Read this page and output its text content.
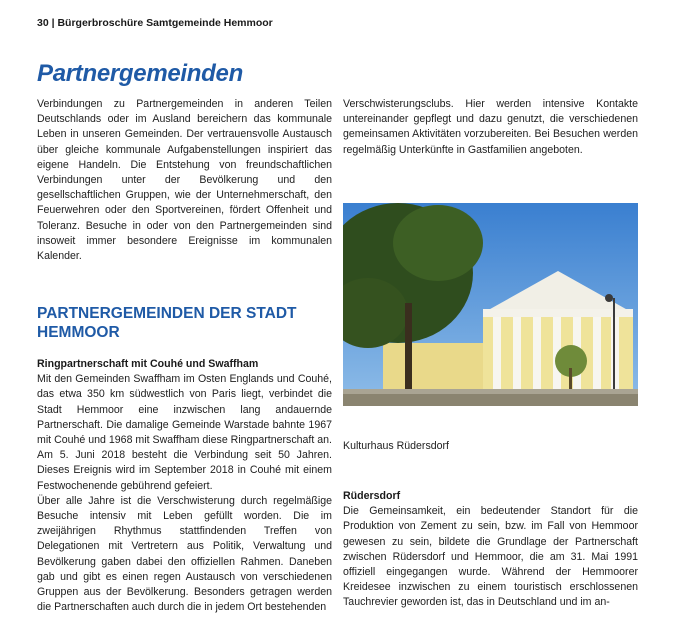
30 | Bürgerbroschüre Samtgemeinde Hemmoor
Partnergemeinden

Verbindungen zu Partnergemeinden in anderen Teilen Deutschlands oder im Ausland bereichern das kommunale Leben in unseren Gemeinden. Der vertrauensvolle Austausch über gleiche kommunale Aufgabenstellungen inspiriert das eigene Handeln. Die Entstehung von freundschaftlichen Verbindungen unter der Bevölkerung und den gesellschaftlichen Gruppen, wie der Unternehmerschaft, den Feuerwehren oder den Sportvereinen, fördert Offenheit und Toleranz. Besuche in oder von den Partnergemeinden sind insoweit immer besondere Ereignisse im kommunalen Kalender.

Verschwisterungsclubs. Hier werden intensive Kontakte untereinander gepflegt und dazu genutzt, die verschiedenen gemeinsamen Aktivitäten vorzubereiten. Bei Besuchen werden regelmäßig Unterkünfte in Gastfamilien angeboten.

PARTNERGEMEINDEN DER STADT HEMMOOR

Ringpartnerschaft mit Couhé und Swaffham

Mit den Gemeinden Swaffham im Osten Englands und Couhé, das etwa 350 km südwestlich von Paris liegt, verbindet die Stadt Hemmoor eine inzwischen lang andauernde Partnerschaft. Die damalige Gemeinde Warstade bahnte 1967 mit Couhé und 1968 mit Swaffham diese Ringpartnerschaft an. Am 5. Juni 2018 besteht die Verbindung seit 50 Jahren. Dieses Ereignis wird im September 2018 in Couhé mit einem Festwochenende gebührend gefeiert.

Über alle Jahre ist die Verschwisterung durch regelmäßige Besuche intensiv mit Leben gefüllt worden. Die im zweijährigen Rhythmus stattfindenden Treffen von Delegationen mit Vertretern aus Politik, Verwaltung und Bevölkerung gaben dabei den offiziellen Rahmen. Daneben gab und gibt es einen regen Austausch von verschiedenen Gruppen aus der Bevölkerung. Besonders getragen werden die Partnerschaften auch durch die in jedem Ort bestehenden

Kulturhaus Rüdersdorf

Rüdersdorf

Die Gemeinsamkeit, ein bedeutender Standort für die Produktion von Zement zu sein, bzw. im Fall von Hemmoor gewesen zu sein, bildete die Grundlage der Partnerschaft zwischen Rüdersdorf und Hemmoor, die am 31. Mai 1991 offiziell eingegangen wurde. Während der Hemmoorer Kreidesee inzwischen zu einem touristisch erschlossenen Tauchrevier geworden ist, das in Deutschland und im an-
